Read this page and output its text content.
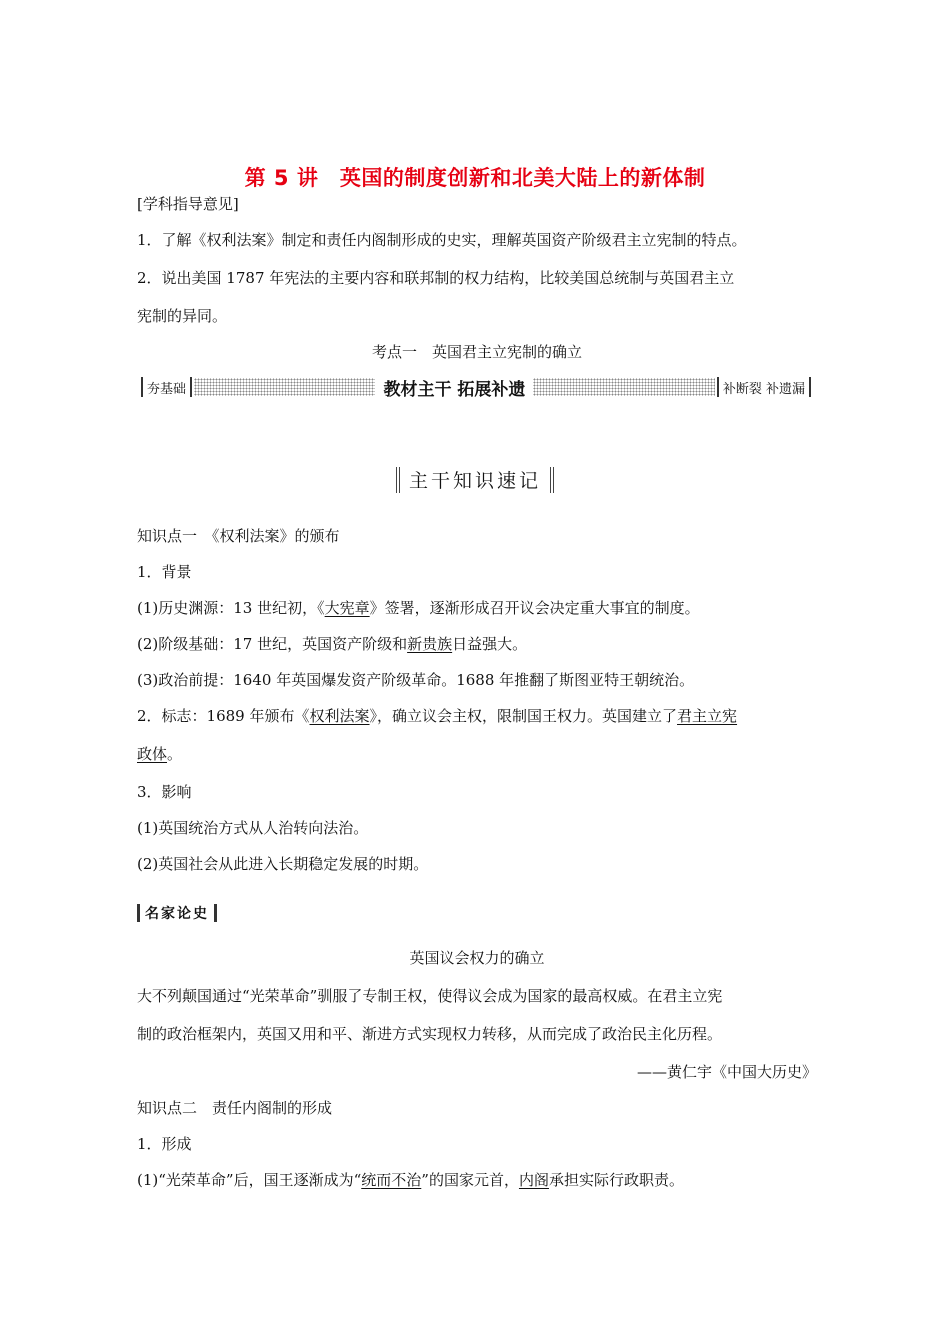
第 5 讲　英国的制度创新和北美大陆上的新体制
[学科指导意见]
1．了解《权利法案》制定和责任内阁制形成的史实，理解英国资产阶级君主立宪制的特点。
2．说出美国 1787 年宪法的主要内容和联邦制的权力结构，比较美国总统制与英国君主立
宪制的异同。
考点一　英国君主立宪制的确立
夯基础	教材主干 拓展补遗	补断裂 补遗漏
主干知识速记
知识点一　《权利法案》的颁布
1．背景
(1)历史渊源：13 世纪初，《大宪章》签署，逐渐形成召开议会决定重大事宜的制度。
(2)阶级基础：17 世纪，英国资产阶级和新贵族日益强大。
(3)政治前提：1640 年英国爆发资产阶级革命。1688 年推翻了斯图亚特王朝统治。
2．标志：1689 年颁布《权利法案》，确立议会主权，限制国王权力。英国建立了君主立宪
政体。
3．影响
(1)英国统治方式从人治转向法治。
(2)英国社会从此进入长期稳定发展的时期。
名家论史
英国议会权力的确立
大不列颠国通过“光荣革命”驯服了专制王权，使得议会成为国家的最高权威。在君主立宪
制的政治框架内，英国又用和平、渐进方式实现权力转移，从而完成了政治民主化历程。
——黄仁宇《中国大历史》
知识点二　责任内阁制的形成
1．形成
(1)“光荣革命”后，国王逐渐成为“统而不治”的国家元首，内阁承担实际行政职责。
